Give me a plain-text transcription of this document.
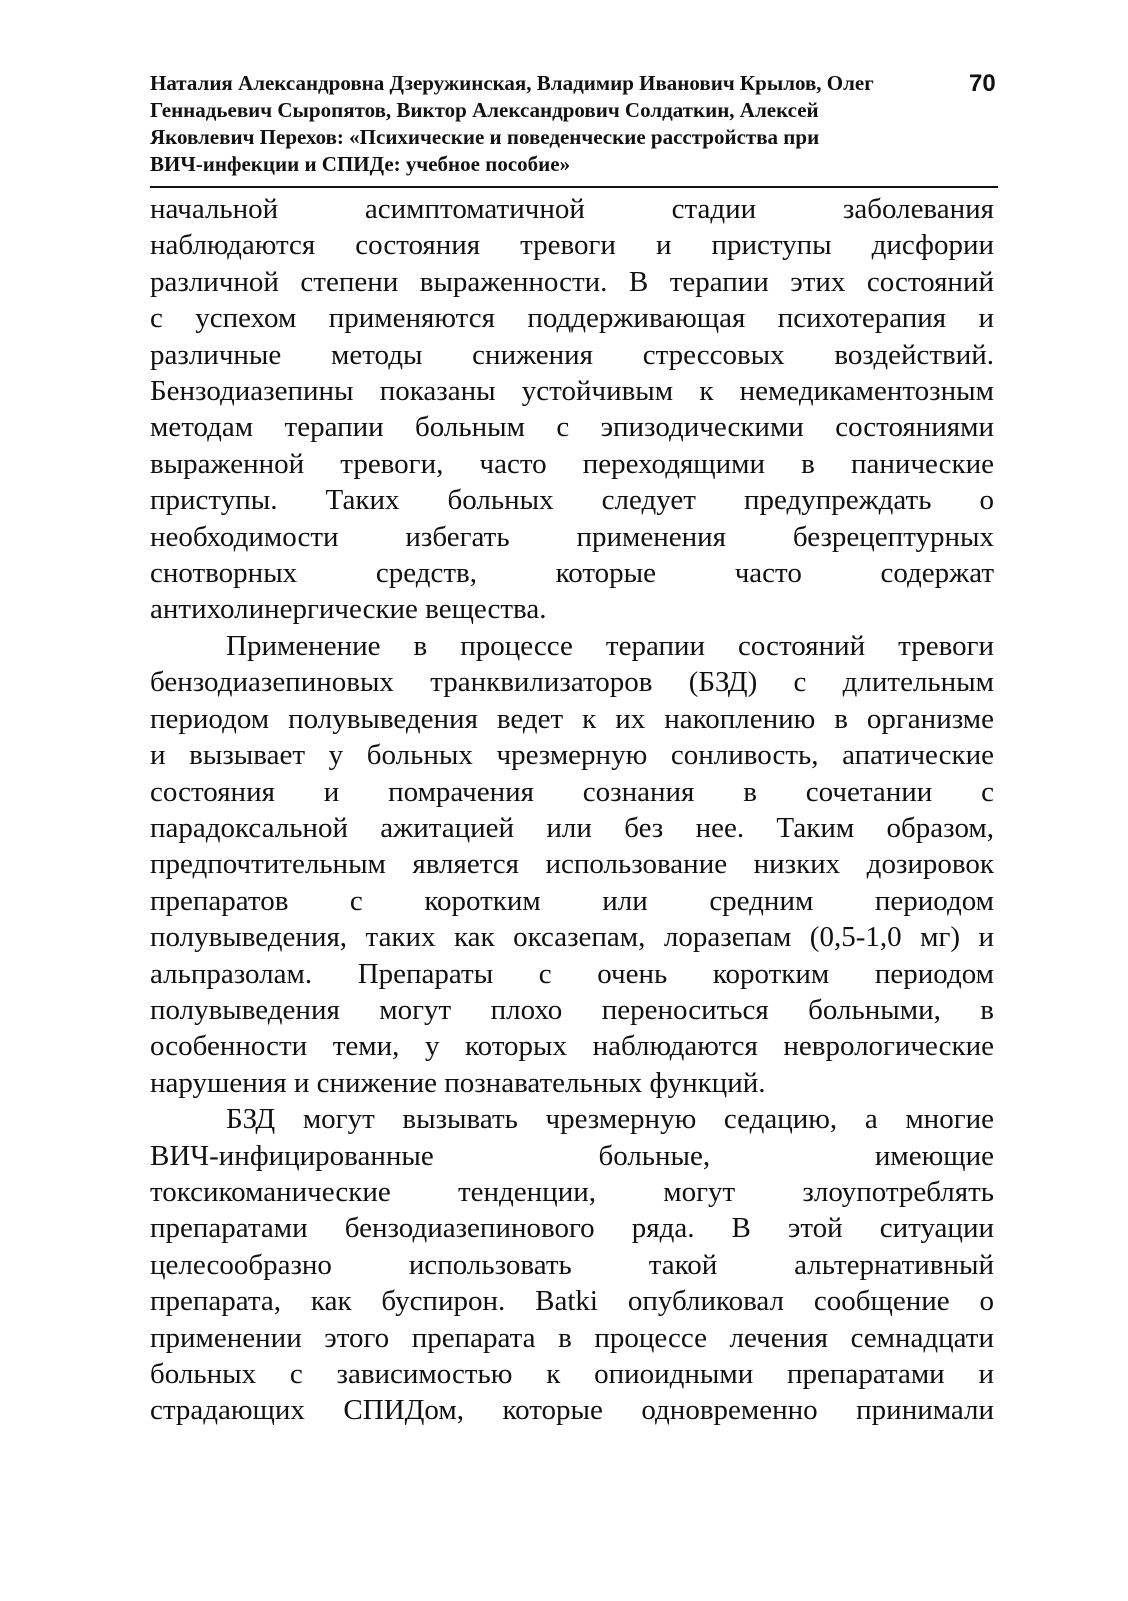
Наталия Александровна Дзеружинская, Владимир Иванович Крылов, Олег
Геннадьевич Сыропятов, Виктор Александрович Солдаткин, Алексей
Яковлевич Перехов: «Психические и поведенческие расстройства при
ВИЧ-инфекции и СПИДе: учебное пособие»
70
начальной асимптоматичной стадии заболевания
наблюдаются состояния тревоги и приступы дисфории
различной степени выраженности. В терапии этих состояний
с успехом применяются поддерживающая психотерапия и
различные методы снижения стрессовых воздействий.
Бензодиазепины показаны устойчивым к немедикаментозным
методам терапии больным с эпизодическими состояниями
выраженной тревоги, часто переходящими в панические
приступы. Таких больных следует предупреждать о
необходимости избегать применения безрецептурных
снотворных средств, которые часто содержат
антихолинергические вещества.
Применение в процессе терапии состояний тревоги
бензодиазепиновых транквилизаторов (БЗД) с длительным
периодом полувыведения ведет к их накоплению в организме
и вызывает у больных чрезмерную сонливость, апатические
состояния и помрачения сознания в сочетании с
парадоксальной ажитацией или без нее. Таким образом,
предпочтительным является использование низких дозировок
препаратов с коротким или средним периодом
полувыведения, таких как оксазепам, лоразепам (0,5-1,0 мг) и
альпразолам. Препараты с очень коротким периодом
полувыведения могут плохо переноситься больными, в
особенности теми, у которых наблюдаются неврологические
нарушения и снижение познавательных функций.
БЗД могут вызывать чрезмерную седацию, а многие
ВИЧ-инфицированные больные, имеющие
токсикоманические тенденции, могут злоупотреблять
препаратами бензодиазепинового ряда. В этой ситуации
целесообразно использовать такой альтернативный
препарата, как буспирон. Batki опубликовал сообщение о
применении этого препарата в процессе лечения семнадцати
больных с зависимостью к опиоидными препаратами и
страдающих СПИДом, которые одновременно принимали
